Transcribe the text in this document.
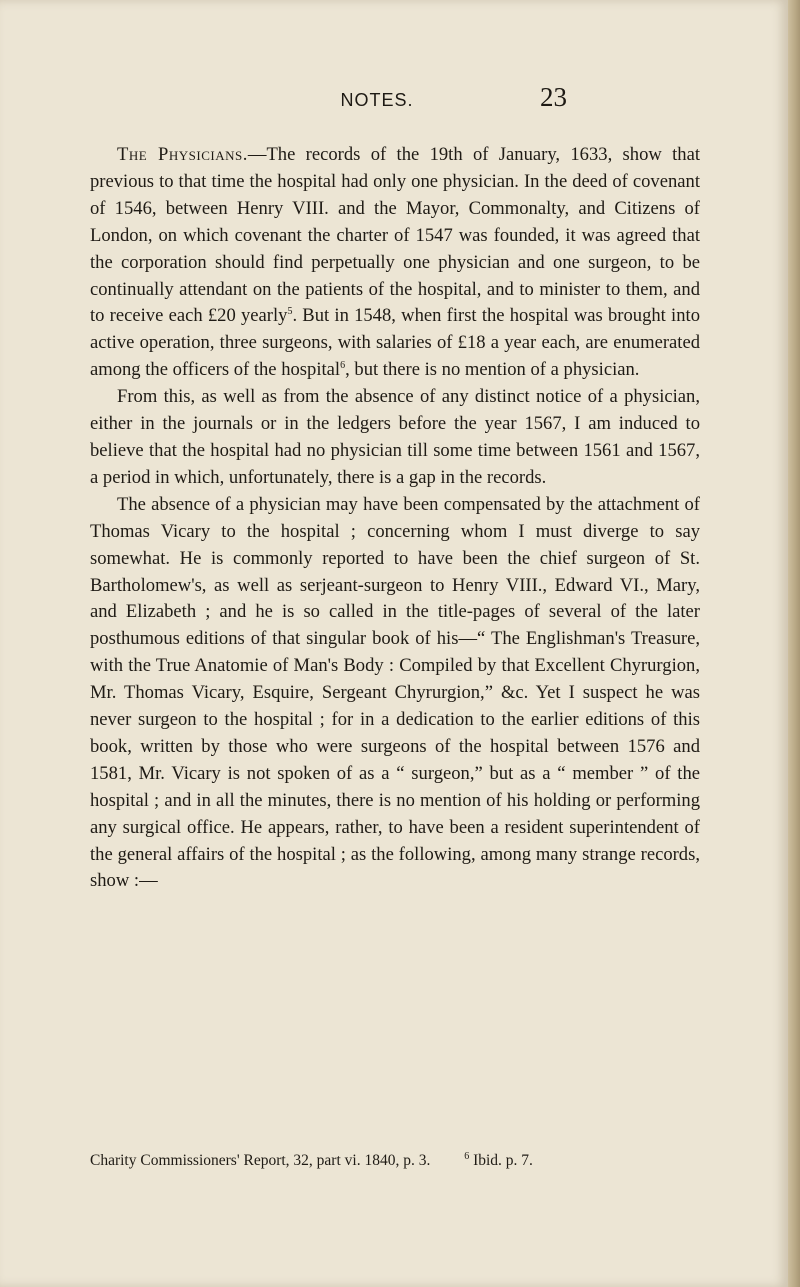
NOTES.	23

The Physicians.—The records of the 19th of January, 1633, show that previous to that time the hospital had only one physician. In the deed of covenant of 1546, between Henry VIII. and the Mayor, Commonalty, and Citizens of London, on which covenant the charter of 1547 was founded, it was agreed that the corporation should find perpetually one physician and one surgeon, to be continually attendant on the patients of the hospital, and to minister to them, and to receive each £20 yearly$^5$. But in 1548, when first the hospital was brought into active operation, three surgeons, with salaries of £18 a year each, are enumerated among the officers of the hospital$^6$, but there is no mention of a physician.

From this, as well as from the absence of any distinct notice of a physician, either in the journals or in the ledgers before the year 1567, I am induced to believe that the hospital had no physician till some time between 1561 and 1567, a period in which, unfortunately, there is a gap in the records.

The absence of a physician may have been compensated by the attachment of Thomas Vicary to the hospital ; concerning whom I must diverge to say somewhat. He is commonly reported to have been the chief surgeon of St. Bartholomew's, as well as serjeant-surgeon to Henry VIII., Edward VI., Mary, and Elizabeth ; and he is so called in the title-pages of several of the later posthumous editions of that singular book of his—“ The Englishman's Treasure, with the True Anatomie of Man's Body : Compiled by that Excellent Chyrurgion, Mr. Thomas Vicary, Esquire, Sergeant Chyrurgion,” &c. Yet I suspect he was never surgeon to the hospital ; for in a dedication to the earlier editions of this book, written by those who were surgeons of the hospital between 1576 and 1581, Mr. Vicary is not spoken of as a “ surgeon,” but as a “ member ” of the hospital ; and in all the minutes, there is no mention of his holding or performing any surgical office. He appears, rather, to have been a resident superintendent of the general affairs of the hospital ; as the following, among many strange records, show :—

Charity Commissioners' Report, 32, part vi. 1840, p. 3.	$^6$ Ibid. p. 7.
